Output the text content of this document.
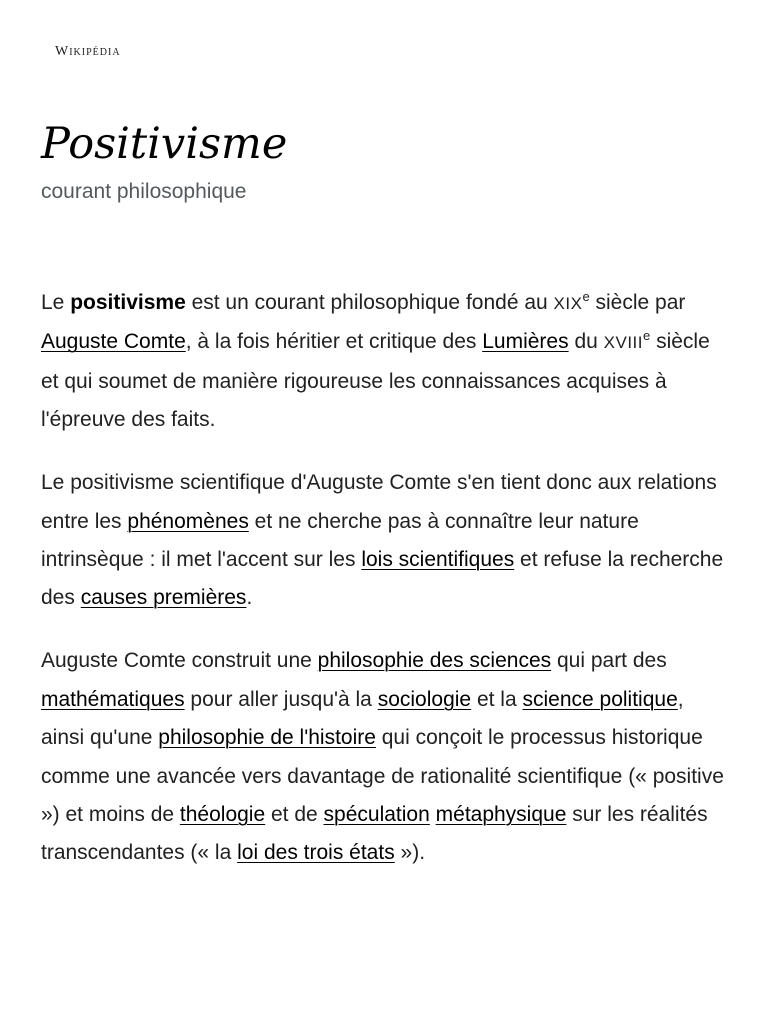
Wikipédia
Positivisme
courant philosophique

Le positivisme est un courant philosophique fondé au XIXe siècle par Auguste Comte, à la fois héritier et critique des Lumières du XVIIIe siècle et qui soumet de manière rigoureuse les connaissances acquises à l'épreuve des faits.

Le positivisme scientifique d'Auguste Comte s'en tient donc aux relations entre les phénomènes et ne cherche pas à connaître leur nature intrinsèque : il met l'accent sur les lois scientifiques et refuse la recherche des causes premières.

Auguste Comte construit une philosophie des sciences qui part des mathématiques pour aller jusqu'à la sociologie et la science politique, ainsi qu'une philosophie de l'histoire qui conçoit le processus historique comme une avancée vers davantage de rationalité scientifique (« positive ») et moins de théologie et de spéculation métaphysique sur les réalités transcendantes (« la loi des trois états »).
